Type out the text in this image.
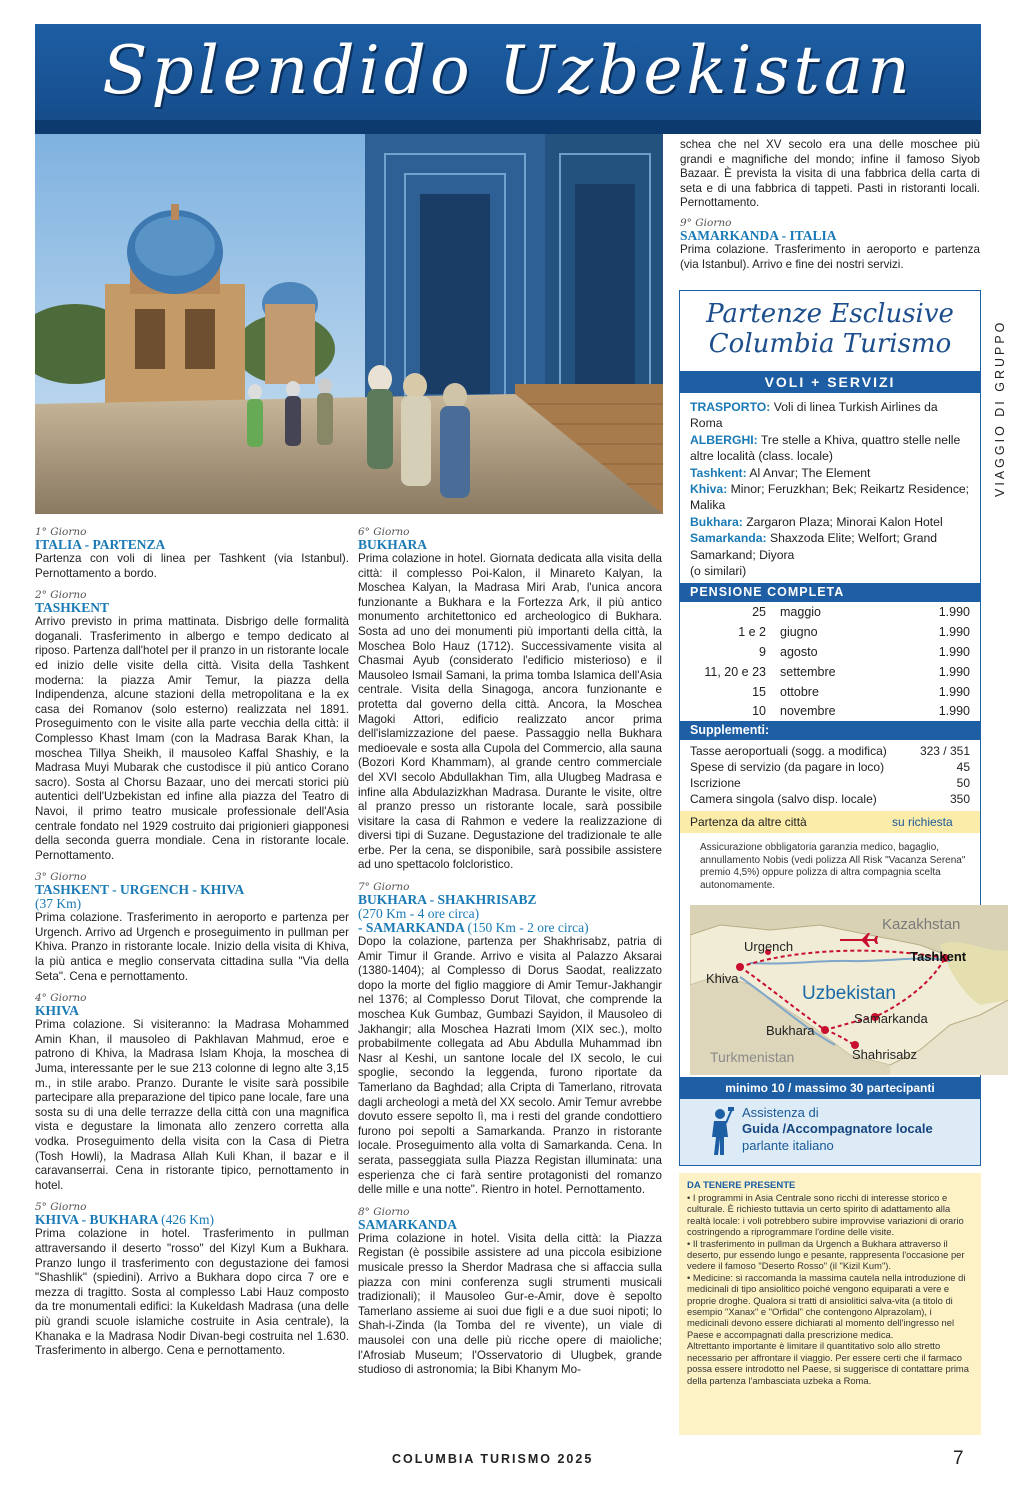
Splendido Uzbekistan
1° Giorno
ITALIA - PARTENZA

Partenza con voli di linea per Tashkent (via Istanbul). Pernottamento a bordo.

2° Giorno
TASHKENT

Arrivo previsto in prima mattinata. Disbrigo delle formalità doganali. Trasferimento in albergo e tempo dedicato al riposo. Partenza dall'hotel per il pranzo in un ristorante locale ed inizio delle visite della città. Visita della Tashkent moderna: la piazza Amir Temur, la piazza della Indipendenza, alcune stazioni della metropolitana e la ex casa dei Romanov (solo esterno) realizzata nel 1891. Proseguimento con le visite alla parte vecchia della città: il Complesso Khast Imam (con la Madrasa Barak Khan, la moschea Tillya Sheikh, il mausoleo Kaffal Shashiy, e la Madrasa Muyi Mubarak che custodisce il più antico Corano sacro). Sosta al Chorsu Bazaar, uno dei mercati storici più autentici dell'Uzbekistan ed infine alla piazza del Teatro di Navoi, il primo teatro musicale professionale dell'Asia centrale fondato nel 1929 costruito dai prigionieri giapponesi della seconda guerra mondiale. Cena in ristorante locale. Pernottamento.

3° Giorno
TASHKENT - URGENCH - KHIVA
(37 Km)

Prima colazione. Trasferimento in aeroporto e partenza per Urgench. Arrivo ad Urgench e proseguimento in pullman per Khiva. Pranzo in ristorante locale. Inizio della visita di Khiva, la più antica e meglio conservata cittadina sulla "Via della Seta". Cena e pernottamento.

4° Giorno
KHIVA

Prima colazione. Si visiteranno: la Madrasa Mohammed Amin Khan, il mausoleo di Pakhlavan Mahmud, eroe e patrono di Khiva, la Madrasa Islam Khoja, la moschea di Juma, interessante per le sue 213 colonne di legno alte 3,15 m., in stile arabo. Pranzo. Durante le visite sarà possibile partecipare alla preparazione del tipico pane locale, fare una sosta su di una delle terrazze della città con una magnifica vista e degustare la limonata allo zenzero corretta alla vodka. Proseguimento della visita con la Casa di Pietra (Tosh Howli), la Madrasa Allah Kuli Khan, il bazar e il caravanserrai. Cena in ristorante tipico, pernottamento in hotel.

5° Giorno
KHIVA - BUKHARA (426 Km)

Prima colazione in hotel. Trasferimento in pullman attraversando il deserto "rosso" del Kizyl Kum a Bukhara. Pranzo lungo il trasferimento con degustazione dei famosi "Shashlik" (spiedini). Arrivo a Bukhara dopo circa 7 ore e mezza di tragitto. Sosta al complesso Labi Hauz composto da tre monumentali edifici: la Kukeldash Madrasa (una delle più grandi scuole islamiche costruite in Asia centrale), la Khanaka e la Madrasa Nodir Divan-begi costruita nel 1.630. Trasferimento in albergo. Cena e pernottamento.

6° Giorno
BUKHARA

Prima colazione in hotel. Giornata dedicata alla visita della città: il complesso Poi-Kalon, il Minareto Kalyan, la Moschea Kalyan, la Madrasa Miri Arab, l'unica ancora funzionante a Bukhara e la Fortezza Ark, il più antico monumento architettonico ed archeologico di Bukhara. Sosta ad uno dei monumenti più importanti della città, la Moschea Bolo Hauz (1712). Successivamente visita al Chasmai Ayub (considerato l'edificio misterioso) e il Mausoleo Ismail Samani, la prima tomba Islamica dell'Asia centrale. Visita della Sinagoga, ancora funzionante e protetta dal governo della città. Ancora, la Moschea Magoki Attori, edificio realizzato ancor prima dell'islamizzazione del paese. Passaggio nella Bukhara medioevale e sosta alla Cupola del Commercio, alla sauna (Bozori Kord Khammam), al grande centro commerciale del XVI secolo Abdullakhan Tim, alla Ulugbeg Madrasa e infine alla Abdulazizkhan Madrasa. Durante le visite, oltre al pranzo presso un ristorante locale, sarà possibile visitare la casa di Rahmon e vedere la realizzazione di diversi tipi di Suzane. Degustazione del tradizionale te alle erbe. Per la cena, se disponibile, sarà possibile assistere ad uno spettacolo folcloristico.

7° Giorno
BUKHARA - SHAKHRISABZ
(270 Km - 4 ore circa)
- SAMARKANDA (150 Km - 2 ore circa)

Dopo la colazione, partenza per Shakhrisabz, patria di Amir Timur il Grande. Arrivo e visita al Palazzo Aksarai (1380-1404); al Complesso di Dorus Saodat, realizzato dopo la morte del figlio maggiore di Amir Temur-Jakhangir nel 1376; al Complesso Dorut Tilovat, che comprende la moschea Kuk Gumbaz, Gumbazi Sayidon, il Mausoleo di Jakhangir; alla Moschea Hazrati Imom (XIX sec.), molto probabilmente collegata ad Abu Abdulla Muhammad ibn Nasr al Keshi, un santone locale del IX secolo, le cui spoglie, secondo la leggenda, furono riportate da Tamerlano da Baghdad; alla Cripta di Tamerlano, ritrovata dagli archeologi a metà del XX secolo. Amir Temur avrebbe dovuto essere sepolto lì, ma i resti del grande condottiero furono poi sepolti a Samarkanda. Pranzo in ristorante locale. Proseguimento alla volta di Samarkanda. Cena. In serata, passeggiata sulla Piazza Registan illuminata: una esperienza che ci farà sentire protagonisti del romanzo delle mille e una notte". Rientro in hotel. Pernottamento.

8° Giorno
SAMARKANDA

Prima colazione in hotel. Visita della città: la Piazza Registan (è possibile assistere ad una piccola esibizione musicale presso la Sherdor Madrasa che si affaccia sulla piazza con mini conferenza sugli strumenti musicali tradizionali); il Mausoleo Gur-e-Amir, dove è sepolto Tamerlano assieme ai suoi due figli e a due suoi nipoti; lo Shah-i-Zinda (la Tomba del re vivente), un viale di mausolei con una delle più ricche opere di maioliche; l'Afrosiab Museum; l'Osservatorio di Ulugbek, grande studioso di astronomia; la Bibi Khanym Mo-

schea che nel XV secolo era una delle moschee più grandi e magnifiche del mondo; infine il famoso Siyob Bazaar. È prevista la visita di una fabbrica della carta di seta e di una fabbrica di tappeti. Pasti in ristoranti locali. Pernottamento.

9° Giorno
SAMARKANDA - ITALIA

Prima colazione. Trasferimento in aeroporto e partenza (via Istanbul). Arrivo e fine dei nostri servizi.

VIAGGIO DI GRUPPO
Partenze Esclusive
Columbia Turismo
VOLI + SERVIZI
TRASPORTO: Voli di linea Turkish Airlines da Roma
ALBERGHI: Tre stelle a Khiva, quattro stelle nelle altre località (class. locale)
Tashkent: Al Anvar; The Element
Khiva: Minor; Feruzkhan; Bek; Reikartz Residence; Malika
Bukhara: Zargaron Plaza; Minorai Kalon Hotel
Samarkanda: Shaxzoda Elite; Welfort; Grand Samarkand; Diyora
(o similari)
PENSIONE COMPLETA
25	maggio	1.990
1 e 2	giugno	1.990
9	agosto	1.990
11, 20 e 23	settembre	1.990
15	ottobre	1.990
10	novembre	1.990
Supplementi:
Tasse aeroportuali (sogg. a modifica)	323 / 351
Spese di servizio (da pagare in loco)	45
Iscrizione	50
Camera singola (salvo disp. locale)	350
Partenza da altre città	su richiesta
Assicurazione obbligatoria garanzia medico, bagaglio, annullamento Nobis (vedi polizza All Risk "Vacanza Serena" premio 4,5%) oppure polizza di altra compagnia scelta autonomamente.
Kazakhstan
Urgench
Tashkent
Khiva
Uzbekistan
Samarkanda
Bukhara
Turkmenistan	Shahrisabz
minimo 10 / massimo 30 partecipanti
Assistenza di
Guida /Accompagnatore locale
parlante italiano
DA TENERE PRESENTE

• I programmi in Asia Centrale sono ricchi di interesse storico e culturale. È richiesto tuttavia un certo spirito di adattamento alla realtà locale: i voli potrebbero subire improvvise variazioni di orario costringendo a riprogrammare l'ordine delle visite.

• Il trasferimento in pullman da Urgench a Bukhara attraverso il deserto, pur essendo lungo e pesante, rappresenta l'occasione per vedere il famoso "Deserto Rosso" (il "Kizil Kum").

• Medicine: si raccomanda la massima cautela nella introduzione di medicinali di tipo ansiolitico poiché vengono equiparati a vere e proprie droghe. Qualora si tratti di ansiolitici salva-vita (a titolo di esempio "Xanax" e "Orfidal" che contengono Alprazolam), i medicinali devono essere dichiarati al momento dell'ingresso nel Paese e accompagnati dalla prescrizione medica.

Altrettanto importante è limitare il quantitativo solo allo stretto necessario per affrontare il viaggio. Per essere certi che il farmaco possa essere introdotto nel Paese, si suggerisce di contattare prima della partenza l'ambasciata uzbeka a Roma.

COLUMBIA TURISMO 2025	7
